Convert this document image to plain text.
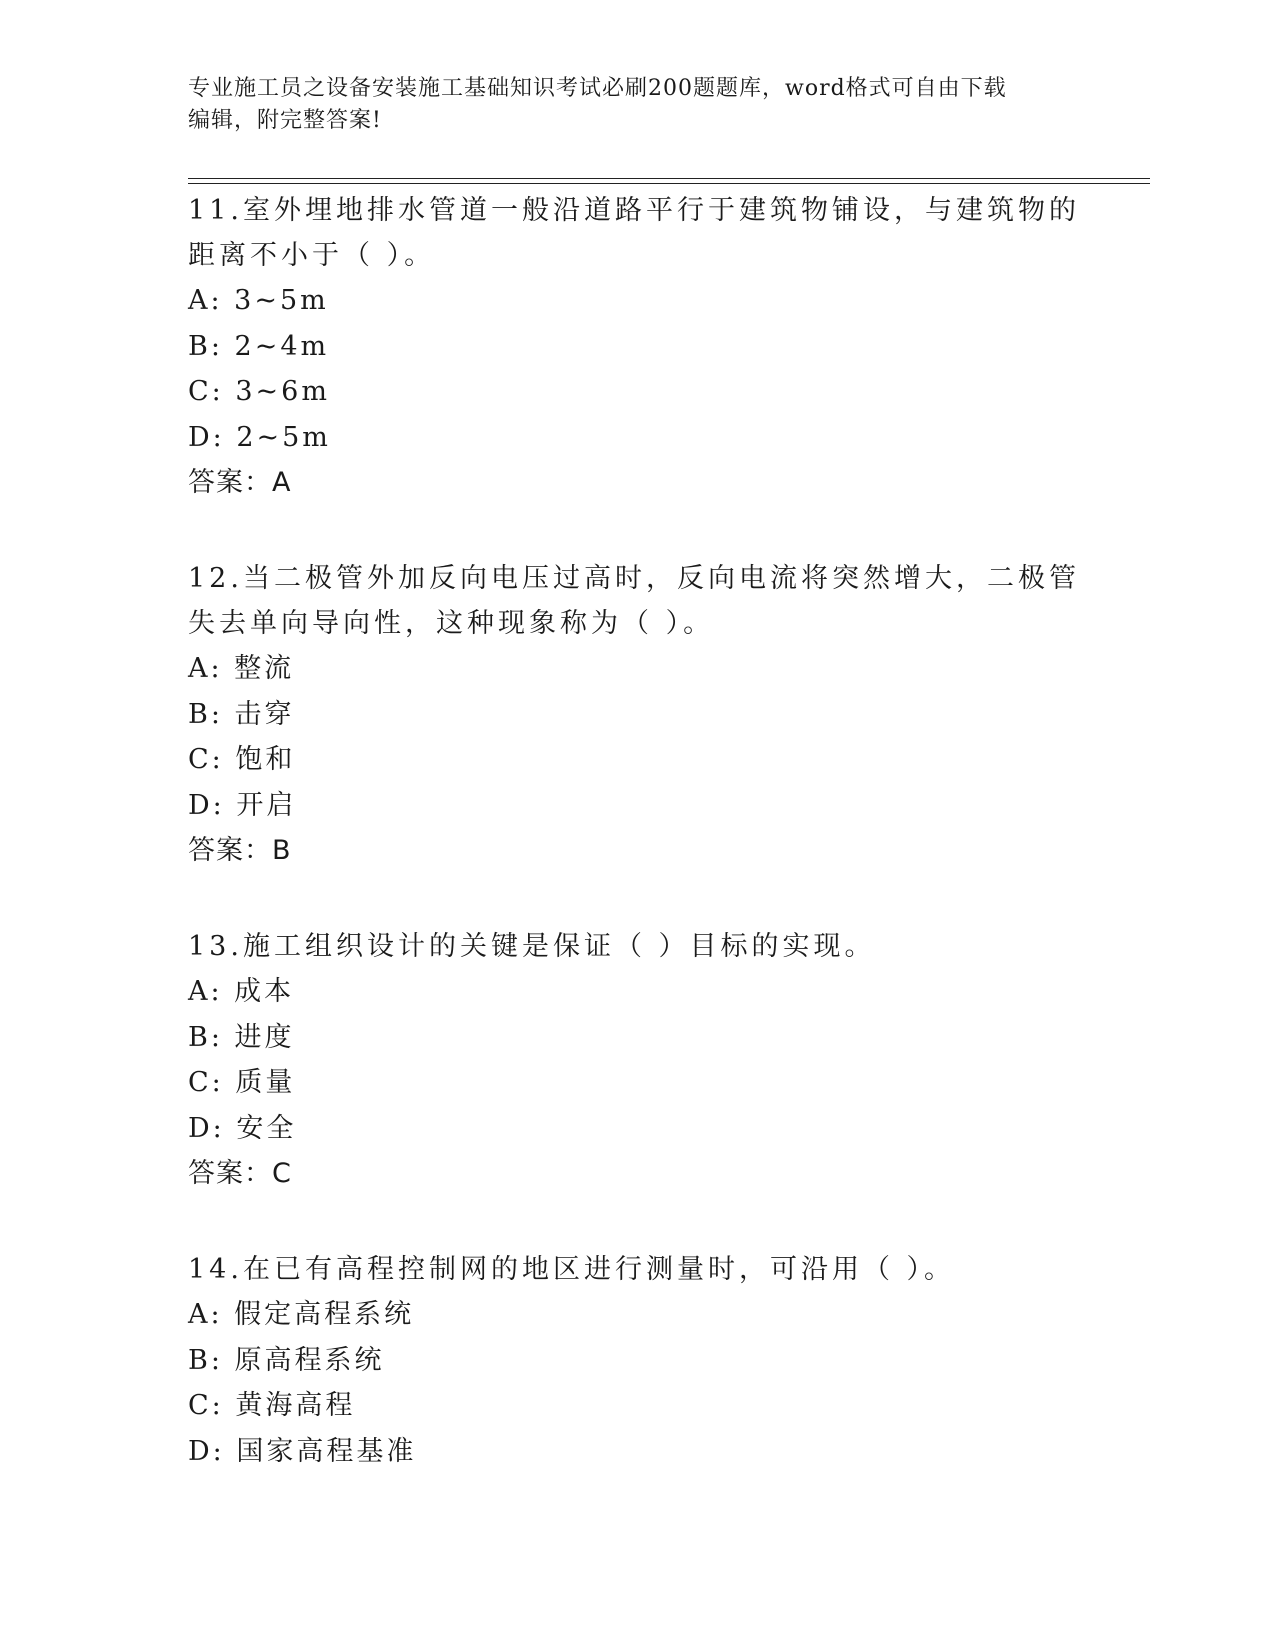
专业施工员之设备安装施工基础知识考试必刷200题题库，word格式可自由下载
编辑，附完整答案!

11.室外埋地排水管道一般沿道路平行于建筑物铺设，与建筑物的距离不小于（ ）。

A: 3~5m
B: 2~4m
C: 3~6m
D: 2~5m
答案：A

12.当二极管外加反向电压过高时，反向电流将突然增大，二极管失去单向导向性，这种现象称为（ ）。

A: 整流
B: 击穿
C: 饱和
D: 开启
答案：B

13.施工组织设计的关键是保证（ ）目标的实现。

A: 成本
B: 进度
C: 质量
D: 安全
答案：C

14.在已有高程控制网的地区进行测量时，可沿用（ ）。

A: 假定高程系统
B: 原高程系统
C: 黄海高程
D: 国家高程基准
